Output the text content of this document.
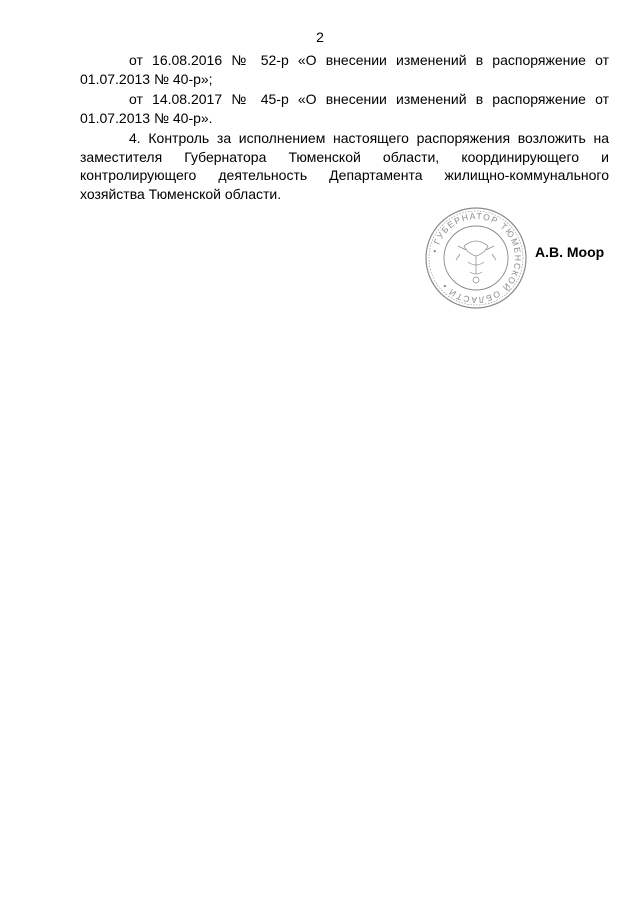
2

от 16.08.2016 № 52-р «О внесении изменений в распоряжение от 01.07.2013 № 40-р»;

от 14.08.2017 № 45-р «О внесении изменений в распоряжение от 01.07.2013 № 40-р».

4. Контроль за исполнением настоящего распоряжения возложить на заместителя Губернатора Тюменской области, координирующего и контролирующего деятельность Департамента жилищно-коммунального хозяйства Тюменской области.

• ГУБЕРНАТОР ТЮМЕНСКОЙ ОБЛАСТИ •
А.В. Моор
